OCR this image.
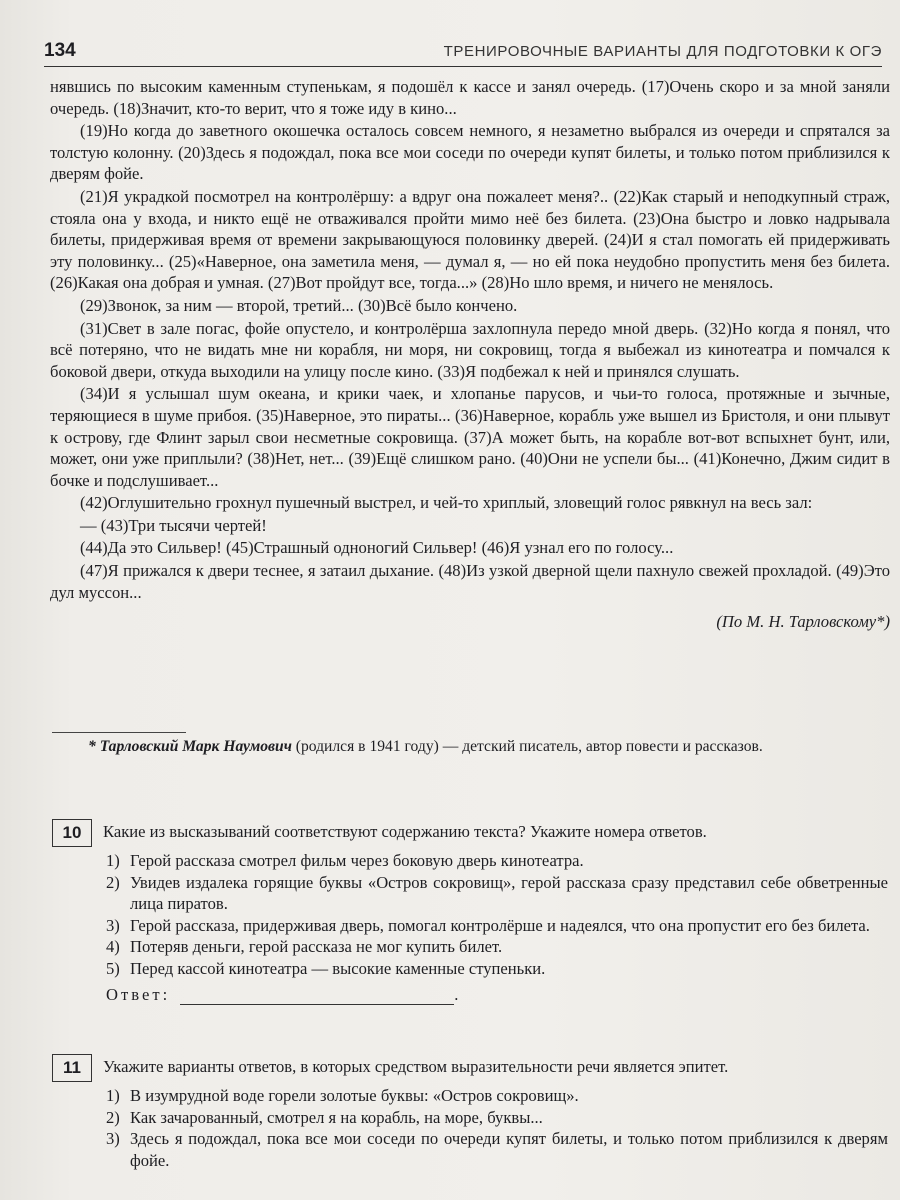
134	ТРЕНИРОВОЧНЫЕ ВАРИАНТЫ ДЛЯ ПОДГОТОВКИ К ОГЭ

нявшись по высоким каменным ступенькам, я подошёл к кассе и занял очередь. (17)Очень скоро и за мной заняли очередь. (18)Значит, кто-то верит, что я тоже иду в кино...

(19)Но когда до заветного окошечка осталось совсем немного, я незаметно выбрался из очереди и спрятался за толстую колонну. (20)Здесь я подождал, пока все мои соседи по очереди купят билеты, и только потом приблизился к дверям фойе.

(21)Я украдкой посмотрел на контролёршу: а вдруг она пожалеет меня?.. (22)Как старый и неподкупный страж, стояла она у входа, и никто ещё не отваживался пройти мимо неё без билета. (23)Она быстро и ловко надрывала билеты, придерживая время от времени закрывающуюся половинку дверей. (24)И я стал помогать ей придерживать эту половинку... (25)«Наверное, она заметила меня, — думал я, — но ей пока неудобно пропустить меня без билета. (26)Какая она добрая и умная. (27)Вот пройдут все, тогда...» (28)Но шло время, и ничего не менялось.

(29)Звонок, за ним — второй, третий... (30)Всё было кончено.

(31)Свет в зале погас, фойе опустело, и контролёрша захлопнула передо мной дверь. (32)Но когда я понял, что всё потеряно, что не видать мне ни корабля, ни моря, ни сокровищ, тогда я выбежал из кинотеатра и помчался к боковой двери, откуда выходили на улицу после кино. (33)Я подбежал к ней и принялся слушать.

(34)И я услышал шум океана, и крики чаек, и хлопанье парусов, и чьи-то голоса, протяжные и зычные, теряющиеся в шуме прибоя. (35)Наверное, это пираты... (36)Наверное, корабль уже вышел из Бристоля, и они плывут к острову, где Флинт зарыл свои несметные сокровища. (37)А может быть, на корабле вот-вот вспыхнет бунт, или, может, они уже приплыли? (38)Нет, нет... (39)Ещё слишком рано. (40)Они не успели бы... (41)Конечно, Джим сидит в бочке и подслушивает...

(42)Оглушительно грохнул пушечный выстрел, и чей-то хриплый, зловещий голос рявкнул на весь зал:

— (43)Три тысячи чертей!

(44)Да это Сильвер! (45)Страшный одноногий Сильвер! (46)Я узнал его по голосу...

(47)Я прижался к двери теснее, я затаил дыхание. (48)Из узкой дверной щели пахнуло свежей прохладой. (49)Это дул муссон...

(По М. Н. Тарловскому*)

* Тарловский Марк Наумович (родился в 1941 году) — детский писатель, автор повести и рассказов.
10	Какие из высказываний соответствуют содержанию текста? Укажите номера ответов.
1) Герой рассказа смотрел фильм через боковую дверь кинотеатра.
2) Увидев издалека горящие буквы «Остров сокровищ», герой рассказа сразу представил себе обветренные лица пиратов.
3) Герой рассказа, придерживая дверь, помогал контролёрше и надеялся, что она пропустит его без билета.
4) Потеряв деньги, герой рассказа не мог купить билет.
5) Перед кассой кинотеатра — высокие каменные ступеньки.
Ответ:	.
11	Укажите варианты ответов, в которых средством выразительности речи является эпитет.
1) В изумрудной воде горели золотые буквы: «Остров сокровищ».
2) Как зачарованный, смотрел я на корабль, на море, буквы...
3) Здесь я подождал, пока все мои соседи по очереди купят билеты, и только потом приблизился к дверям фойе.
